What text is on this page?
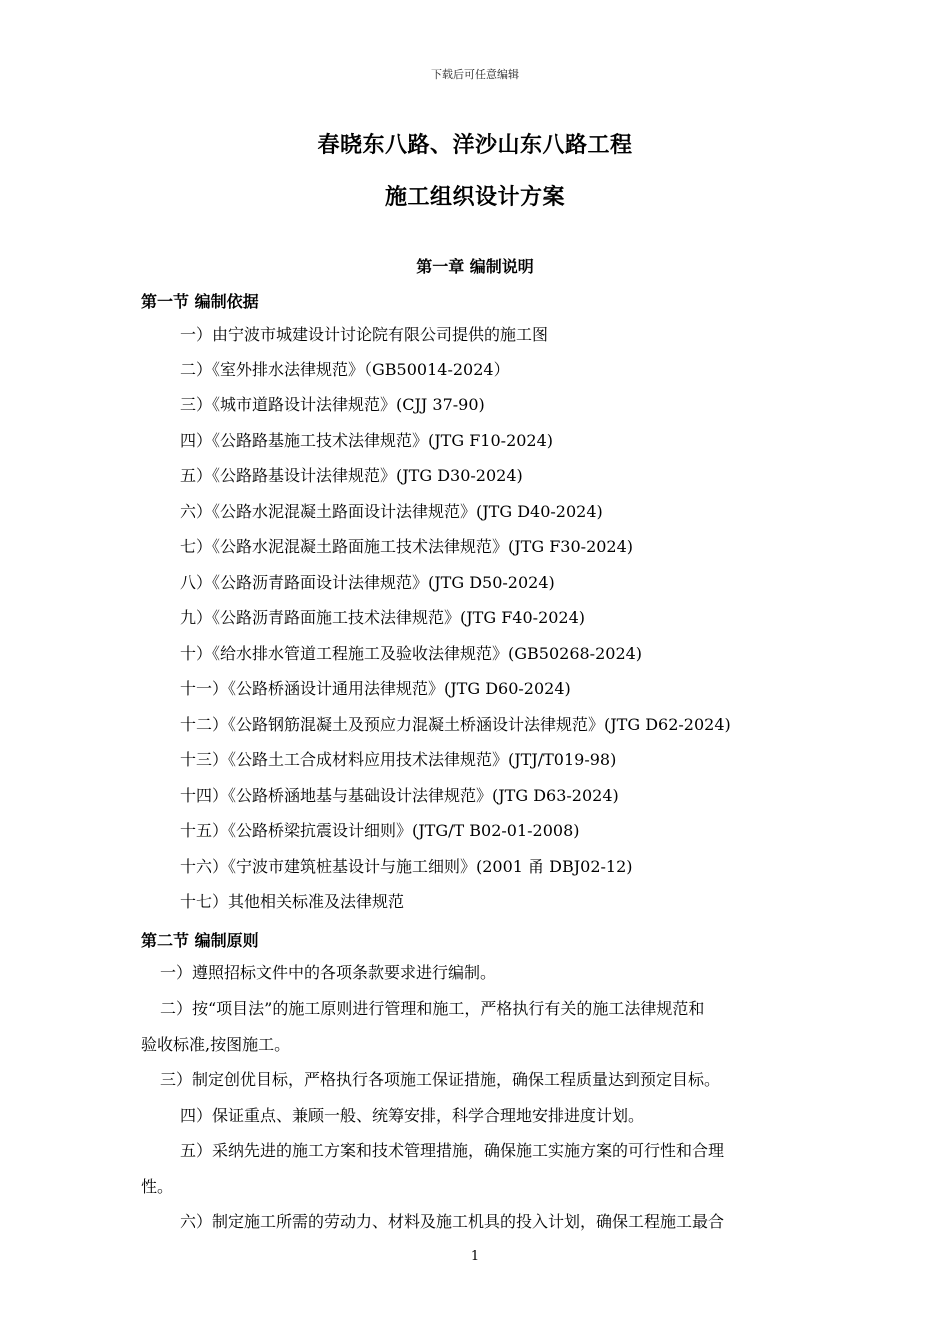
下载后可任意编辑
春晓东八路、洋沙山东八路工程
施工组织设计方案
第一章 编制说明
第一节 编制依据
一）由宁波市城建设计讨论院有限公司提供的施工图
二）《室外排水法律规范》（GB50014-2024）
三）《城市道路设计法律规范》(CJJ 37-90)
四）《公路路基施工技术法律规范》(JTG F10-2024)
五）《公路路基设计法律规范》(JTG D30-2024)
六）《公路水泥混凝土路面设计法律规范》(JTG D40-2024)
七）《公路水泥混凝土路面施工技术法律规范》(JTG F30-2024)
八）《公路沥青路面设计法律规范》(JTG D50-2024)
九）《公路沥青路面施工技术法律规范》(JTG F40-2024)
十）《给水排水管道工程施工及验收法律规范》(GB50268-2024)
十一）《公路桥涵设计通用法律规范》(JTG D60-2024)
十二）《公路钢筋混凝土及预应力混凝土桥涵设计法律规范》(JTG D62-2024)
十三）《公路土工合成材料应用技术法律规范》(JTJ/T019-98)
十四）《公路桥涵地基与基础设计法律规范》(JTG D63-2024)
十五）《公路桥梁抗震设计细则》(JTG/T B02-01-2008)
十六）《宁波市建筑桩基设计与施工细则》(2001 甬 DBJ02-12)
十七）其他相关标准及法律规范
第二节 编制原则
一）遵照招标文件中的各项条款要求进行编制。
二）按“项目法”的施工原则进行管理和施工，严格执行有关的施工法律规范和
验收标准,按图施工。
三）制定创优目标，严格执行各项施工保证措施，确保工程质量达到预定目标。
四）保证重点、兼顾一般、统筹安排，科学合理地安排进度计划。
五）采纳先进的施工方案和技术管理措施，确保施工实施方案的可行性和合理
性。
六）制定施工所需的劳动力、材料及施工机具的投入计划，确保工程施工最合
1
